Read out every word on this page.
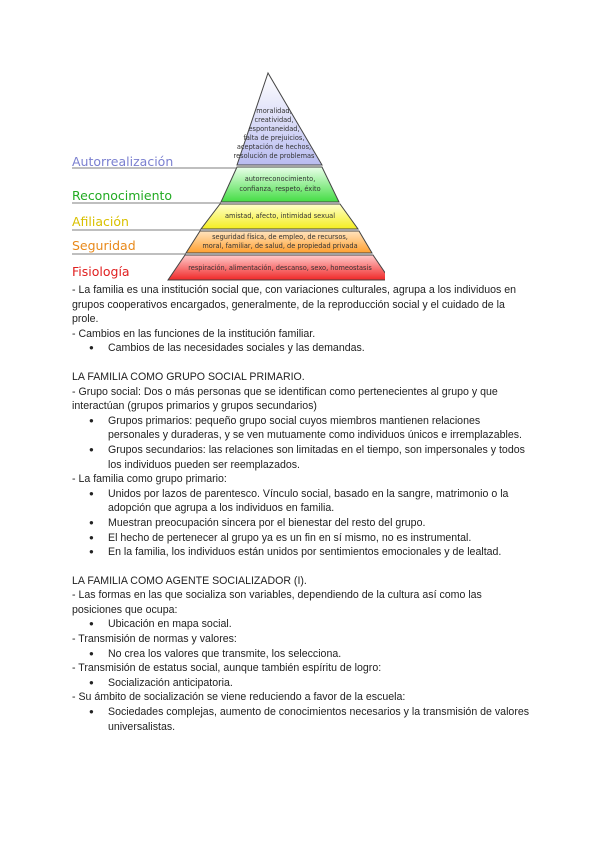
moralidad,
creatividad,
espontaneidad,
falta de prejuicios,
aceptación de hechos,
resolución de problemas
autorreconocimiento,
confianza, respeto, éxito
amistad, afecto, intimidad sexual
seguridad física, de empleo, de recursos,
moral, familiar, de salud, de propiedad privada
respiración, alimentación, descanso, sexo, homeostasis
Autorrealización
Reconocimiento
Afiliación
Seguridad
Fisiología

- La familia es una institución social que, con variaciones culturales, agrupa a los individuos en grupos cooperativos encargados, generalmente, de la reproducción social y el cuidado de la prole.

- Cambios en las funciones de la institución familiar.

● Cambios de las necesidades sociales y las demandas.

LA FAMILIA COMO GRUPO SOCIAL PRIMARIO.

- Grupo social: Dos o más personas que se identifican como pertenecientes al grupo y que interactúan (grupos primarios y grupos secundarios)

● Grupos primarios: pequeño grupo social cuyos miembros mantienen relaciones personales y duraderas, y se ven mutuamente como individuos únicos e irremplazables.
● Grupos secundarios: las relaciones son limitadas en el tiempo, son impersonales y todos los individuos pueden ser reemplazados.

- La familia como grupo primario:

● Unidos por lazos de parentesco. Vínculo social, basado en la sangre, matrimonio o la adopción que agrupa a los individuos en familia.
● Muestran preocupación sincera por el bienestar del resto del grupo.
● El hecho de pertenecer al grupo ya es un fin en sí mismo, no es instrumental.
● En la familia, los individuos están unidos por sentimientos emocionales y de lealtad.

LA FAMILIA COMO AGENTE SOCIALIZADOR (I).

- Las formas en las que socializa son variables, dependiendo de la cultura así como las posiciones que ocupa:

● Ubicación en mapa social.

- Transmisión de normas y valores:

● No crea los valores que transmite, los selecciona.

- Transmisión de estatus social, aunque también espíritu de logro:

● Socialización anticipatoria.

- Su ámbito de socialización se viene reduciendo a favor de la escuela:

● Sociedades complejas, aumento de conocimientos necesarios y la transmisión de valores universalistas.
